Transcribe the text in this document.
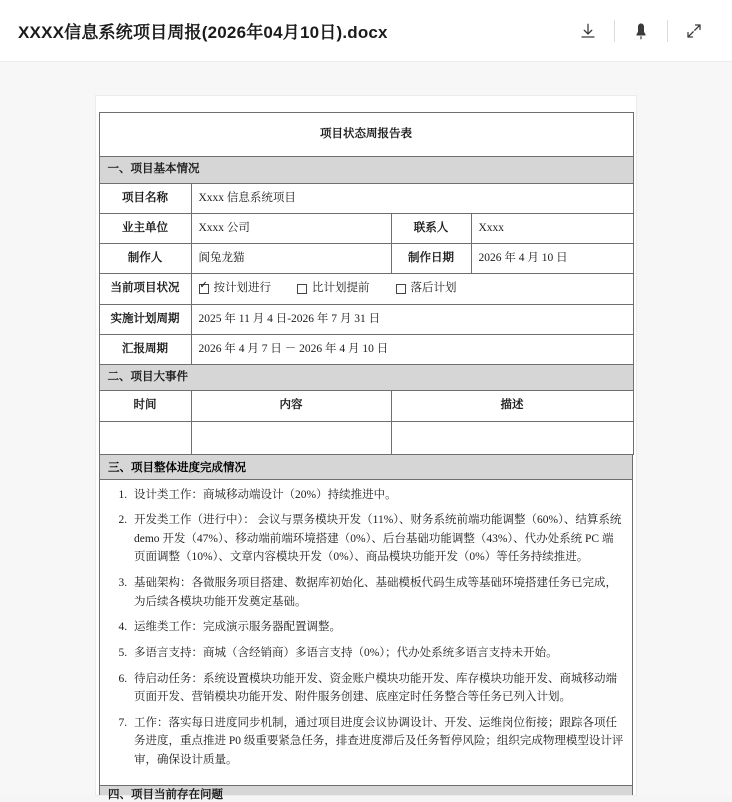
XXXX信息系统项目周报(2026年04月10日).docx
项目状态周报告表			
一、项目基本情况			
项目名称	Xxxx 信息系统项目		
业主单位	Xxxx 公司	联系人	Xxxx
制作人	阆兔龙猫	制作日期	2026 年 4 月 10 日
当前项目状况	
✓按计划进行 比计划提前 落后计划

实施计划周期	2025 年 11 月 4 日-2026 年 7 月 31 日		
汇报周期	2026 年 4 月 7 日 － 2026 年 4 月 10 日		
二、项目大事件			
时间	内容	描述	

三、项目整体进度完成情况
1. 设计类工作：商城移动端设计（20%）持续推进中。
2. 开发类工作（进行中）： 会议与票务模块开发（11%）、财务系统前端功能调整（60%）、结算系统 demo 开发（47%）、移动端前端环境搭建（0%）、后台基础功能调整（43%）、代办处系统 PC 端页面调整（10%）、文章内容模块开发（0%）、商品模块功能开发（0%）等任务持续推进。
3. 基础架构：各微服务项目搭建、数据库初始化、基础模板代码生成等基础环境搭建任务已完成，为后续各模块功能开发奠定基础。
4. 运维类工作：完成演示服务器配置调整。
5. 多语言支持：商城（含经销商）多语言支持（0%）；代办处系统多语言支持未开始。
6. 待启动任务：系统设置模块功能开发、资金账户模块功能开发、库存模块功能开发、商城移动端页面开发、营销模块功能开发、附件服务创建、底座定时任务整合等任务已列入计划。
7. 工作：落实每日进度同步机制，通过项目进度会议协调设计、开发、运维岗位衔接；跟踪各项任务进度，重点推进 P0 级重要紧急任务，排查进度滞后及任务暂停风险；组织完成物理模型设计评审，确保设计质量。
四、项目当前存在问题
